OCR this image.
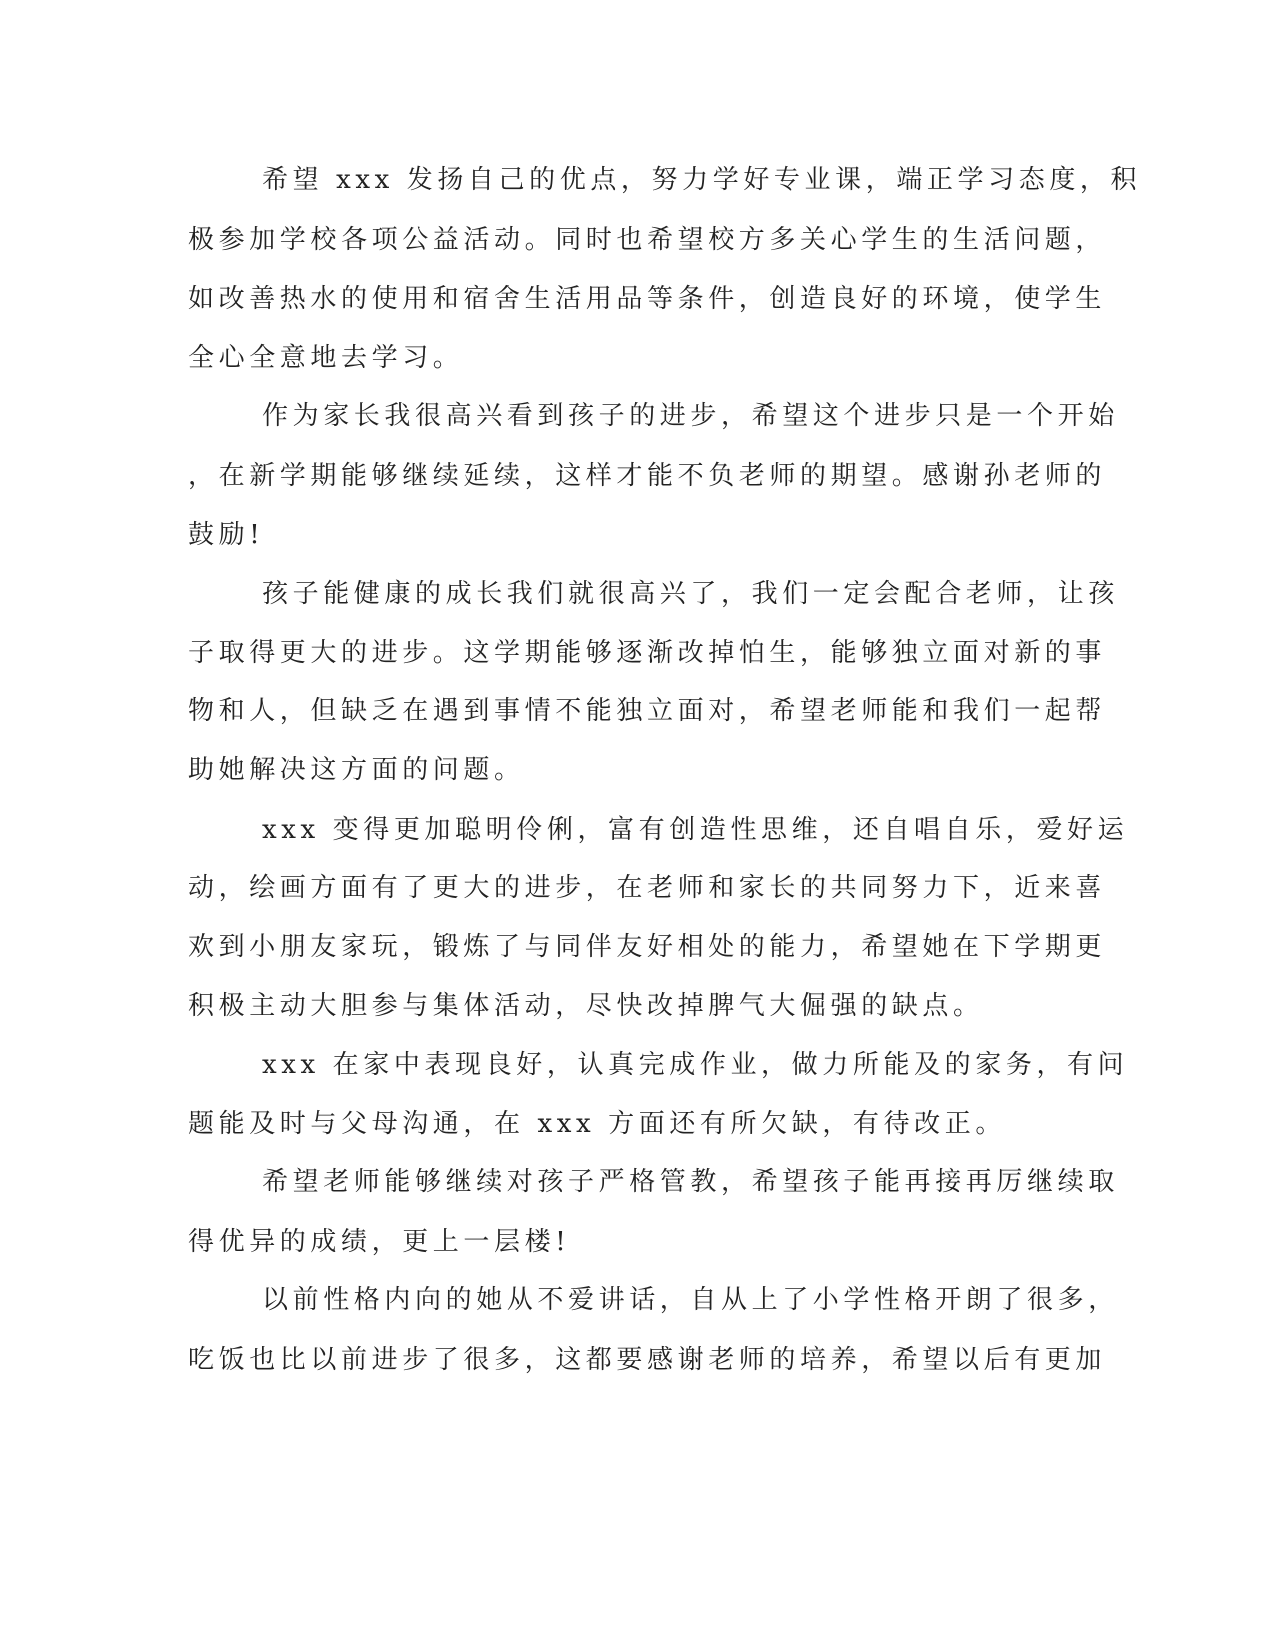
希望 xxx 发扬自己的优点，努力学好专业课，端正学习态度，积

极参加学校各项公益活动。同时也希望校方多关心学生的生活问题，

如改善热水的使用和宿舍生活用品等条件，创造良好的环境，使学生

全心全意地去学习。

作为家长我很高兴看到孩子的进步，希望这个进步只是一个开始

，在新学期能够继续延续，这样才能不负老师的期望。感谢孙老师的

鼓励!

孩子能健康的成长我们就很高兴了，我们一定会配合老师，让孩

子取得更大的进步。这学期能够逐渐改掉怕生，能够独立面对新的事

物和人，但缺乏在遇到事情不能独立面对，希望老师能和我们一起帮

助她解决这方面的问题。

xxx 变得更加聪明伶俐，富有创造性思维，还自唱自乐，爱好运

动，绘画方面有了更大的进步，在老师和家长的共同努力下，近来喜

欢到小朋友家玩，锻炼了与同伴友好相处的能力，希望她在下学期更

积极主动大胆参与集体活动，尽快改掉脾气大倔强的缺点。

xxx 在家中表现良好，认真完成作业，做力所能及的家务，有问

题能及时与父母沟通，在 xxx 方面还有所欠缺，有待改正。

希望老师能够继续对孩子严格管教，希望孩子能再接再厉继续取

得优异的成绩，更上一层楼!

以前性格内向的她从不爱讲话，自从上了小学性格开朗了很多，

吃饭也比以前进步了很多，这都要感谢老师的培养，希望以后有更加
